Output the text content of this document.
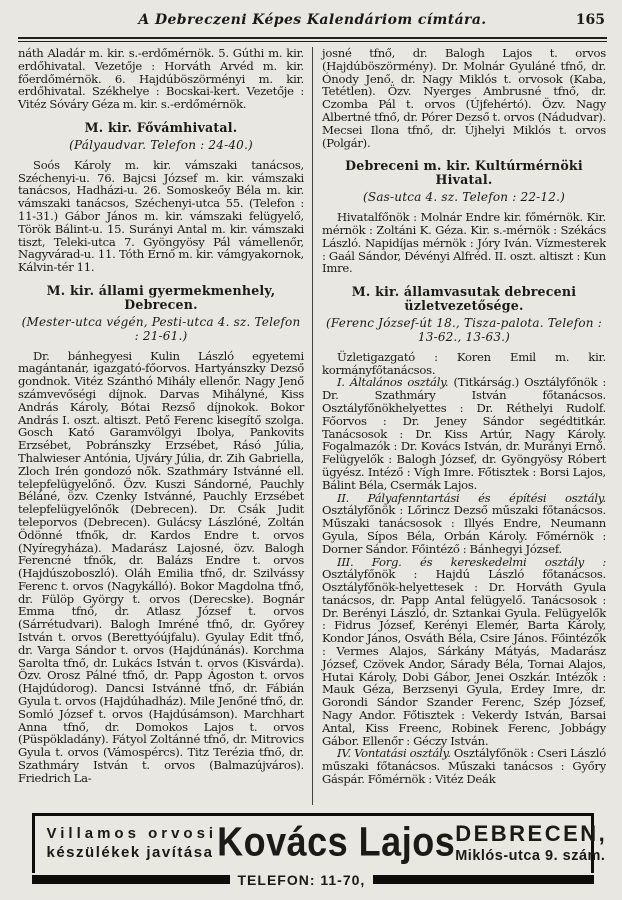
A Debreczeni Képes Kalendáriom címtára.	165

náth Aladár m. kir. s.-erdőmérnök. 5. Gúthi m. kir. erdőhivatal. Vezetője : Horváth Arvéd m. kir. főerdőmérnök. 6. Hajdúböszörményi m. kir. erdőhivatal. Székhelye : Bocskai-kert. Vezetője : Vitéz Sóváry Géza m. kir. s.-erdőmérnök.

M. kir. Fővámhivatal.
(Pályaudvar. Telefon : 24-40.)

Soós Károly m. kir. vámszaki tanácsos, Széchenyi-u. 76. Bajcsi József m. kir. vámszaki tanácsos, Hadházi-u. 26. Somoskeőy Béla m. kir. vámszaki tanácsos, Széchenyi-utca 55. (Telefon : 11-31.) Gábor János m. kir. vámszaki felügyelő, Török Bálint-u. 15. Surányi Antal m. kir. vámszaki tiszt, Teleki-utca 7. Gyöngyösy Pál vámellenőr, Nagyvárad-u. 11. Tóth Ernő m. kir. vámgyakornok, Kálvin-tér 11.

M. kir. állami gyermekmenhely, Debrecen.
(Mester-utca végén, Pesti-utca 4. sz. Telefon : 21-61.)

Dr. bánhegyesi Kulin László egyetemi magántanár, igazgató-főorvos. Hartyánszky Dezső gondnok. Vitéz Szánthó Mihály ellenőr. Nagy Jenő számvevőségi díjnok. Darvas Mihályné, Kiss András Károly, Bótai Rezső díjnokok. Bokor András I. oszt. altiszt. Pető Ferenc kisegítő szolga. Gosch Kató Garamvölgyi Ibolya, Pankovits Erzsébet, Pobránszky Erzsébet, Rásó Júlia, Thalwieser Antónia, Ujváry Júlia, dr. Zih Gabriella, Zloch Irén gondozó nők. Szathmáry Istvánné ell. telepfelügyelőnő. Özv. Kuszi Sándorné, Pauchly Béláné, özv. Czenky Istvánné, Pauchly Erzsébet telepfelügyelőnők (Debrecen). Dr. Csák Judit teleporvos (Debrecen). Gulácsy Lászlóné, Zoltán Ödönné tfnők, dr. Kardos Endre t. orvos (Nyíregyháza). Madarász Lajosné, özv. Balogh Ferencné tfnők, dr. Balázs Endre t. orvos (Hajdúszoboszló). Oláh Emilia tfnő, dr. Szilvássy Ferenc t. orvos (Nagykálló). Bokor Magdolna tfnő, dr. Fülöp György t. orvos (Derecske). Bognár Emma tfnő, dr. Atlasz József t. orvos (Sárrétudvari). Balogh Imréné tfnő, dr. Győrey István t. orvos (Berettyóújfalu). Gyulay Edit tfnő, dr. Varga Sándor t. orvos (Hajdúnánás). Korchma Sarolta tfnő, dr. Lukács István t. orvos (Kisvárda). Özv. Orosz Pálné tfnő, dr. Papp Ágoston t. orvos (Hajdúdorog). Dancsi Istvánné tfnő, dr. Fábián Gyula t. orvos (Hajdúhadház). Mile Jenőné tfnő, dr. Somló József t. orvos (Hajdúsámson). Marchhart Anna tfnő, dr. Domokos Lajos t. orvos (Püspökladány). Fátyol Zoltánné tfnő, dr. Mitrovics Gyula t. orvos (Vámospércs). Titz Terézia tfnő, dr. Szathmáry István t. orvos (Balmazújváros). Friedrich La-

josné tfnő, dr. Balogh Lajos t. orvos (Hajdúböszörmény). Dr. Molnár Gyuláné tfnő, dr. Ónody Jenő. dr. Nagy Miklós t. orvosok (Kaba, Tetétlen). Özv. Nyerges Ambrusné tfnő, dr. Czomba Pál t. orvos (Újfehértó). Özv. Nagy Albertné tfnő, dr. Pórer Dezső t. orvos (Nádudvar). Mecsei Ilona tfnő, dr. Újhelyi Miklós t. orvos (Polgár).

Debreceni m. kir. Kultúrmérnöki Hivatal.
(Sas-utca 4. sz. Telefon : 22-12.)

Hivatalfőnök : Molnár Endre kir. főmérnök. Kir. mérnök : Zoltáni K. Géza. Kir. s.-mérnök : Székács László. Napidíjas mérnök : Jóry Iván. Vízmesterek : Gaál Sándor, Dévényi Alfréd. II. oszt. altiszt : Kun Imre.

M. kir. államvasutak debreceni üzletvezetősége.
(Ferenc József-út 18., Tisza-palota. Telefon : 13-62., 13-63.)

Üzletigazgató : Koren Emil m. kir. kormányfőtanácsos.

I. Általános osztály. (Titkárság.) Osztályfőnök : Dr. Szathmáry István főtanácsos. Osztályfőnökhelyettes : Dr. Réthelyi Rudolf. Főorvos : Dr. Jeney Sándor segédtitkár. Tanácsosok : Dr. Kiss Artúr, Nagy Károly. Fogalmazók : Dr. Kovács István, dr. Murányi Ernő. Felügyelők : Balogh József, dr. Gyöngyösy Róbert ügyész. Intéző : Vígh Imre. Főtisztek : Borsi Lajos, Bálint Béla, Csermák Lajos.

II. Pályafenntartási és építési osztály. Osztályfőnök : Lőrincz Dezső műszaki főtanácsos. Műszaki tanácsosok : Illyés Endre, Neumann Gyula, Sípos Béla, Orbán Károly. Főmérnök : Dorner Sándor. Főintéző : Bánhegyi József.

III. Forg. és kereskedelmi osztály : Osztályfőnök : Hajdú László főtanácsos. Osztályfőnök-helyettesek : Dr. Horváth Gyula tanácsos, dr. Papp Antal felügyelő. Tanácsosok : Dr. Berényi László, dr. Sztankai Gyula. Felügyelők : Fidrus József, Kerényi Elemér, Barta Károly, Kondor János, Osváth Béla, Csire János. Főintézők : Vermes Alajos, Sárkány Mátyás, Madarász József, Czövek Andor, Sárady Béla, Tornai Alajos, Hutai Károly, Dobi Gábor, Jenei Oszkár. Intézők : Mauk Géza, Berzsenyi Gyula, Erdey Imre, dr. Gorondi Sándor Szander Ferenc, Szép József, Nagy Andor. Főtisztek : Vekerdy István, Barsai Antal, Kiss Freenc, Robinek Ferenc, Jobbágy Gábor. Ellenőr : Géczy István.

IV. Vontatási osztály. Osztályfőnök : Cseri László műszaki főtanácsos. Műszaki tanácsos : Győry Gáspár. Főmérnök : Vitéz Deák

Villamos orvosi
készülékek javítása Kovács Lajos DEBRECEN,
Miklós-utca 9. szám.
TELEFON: 11-70,
